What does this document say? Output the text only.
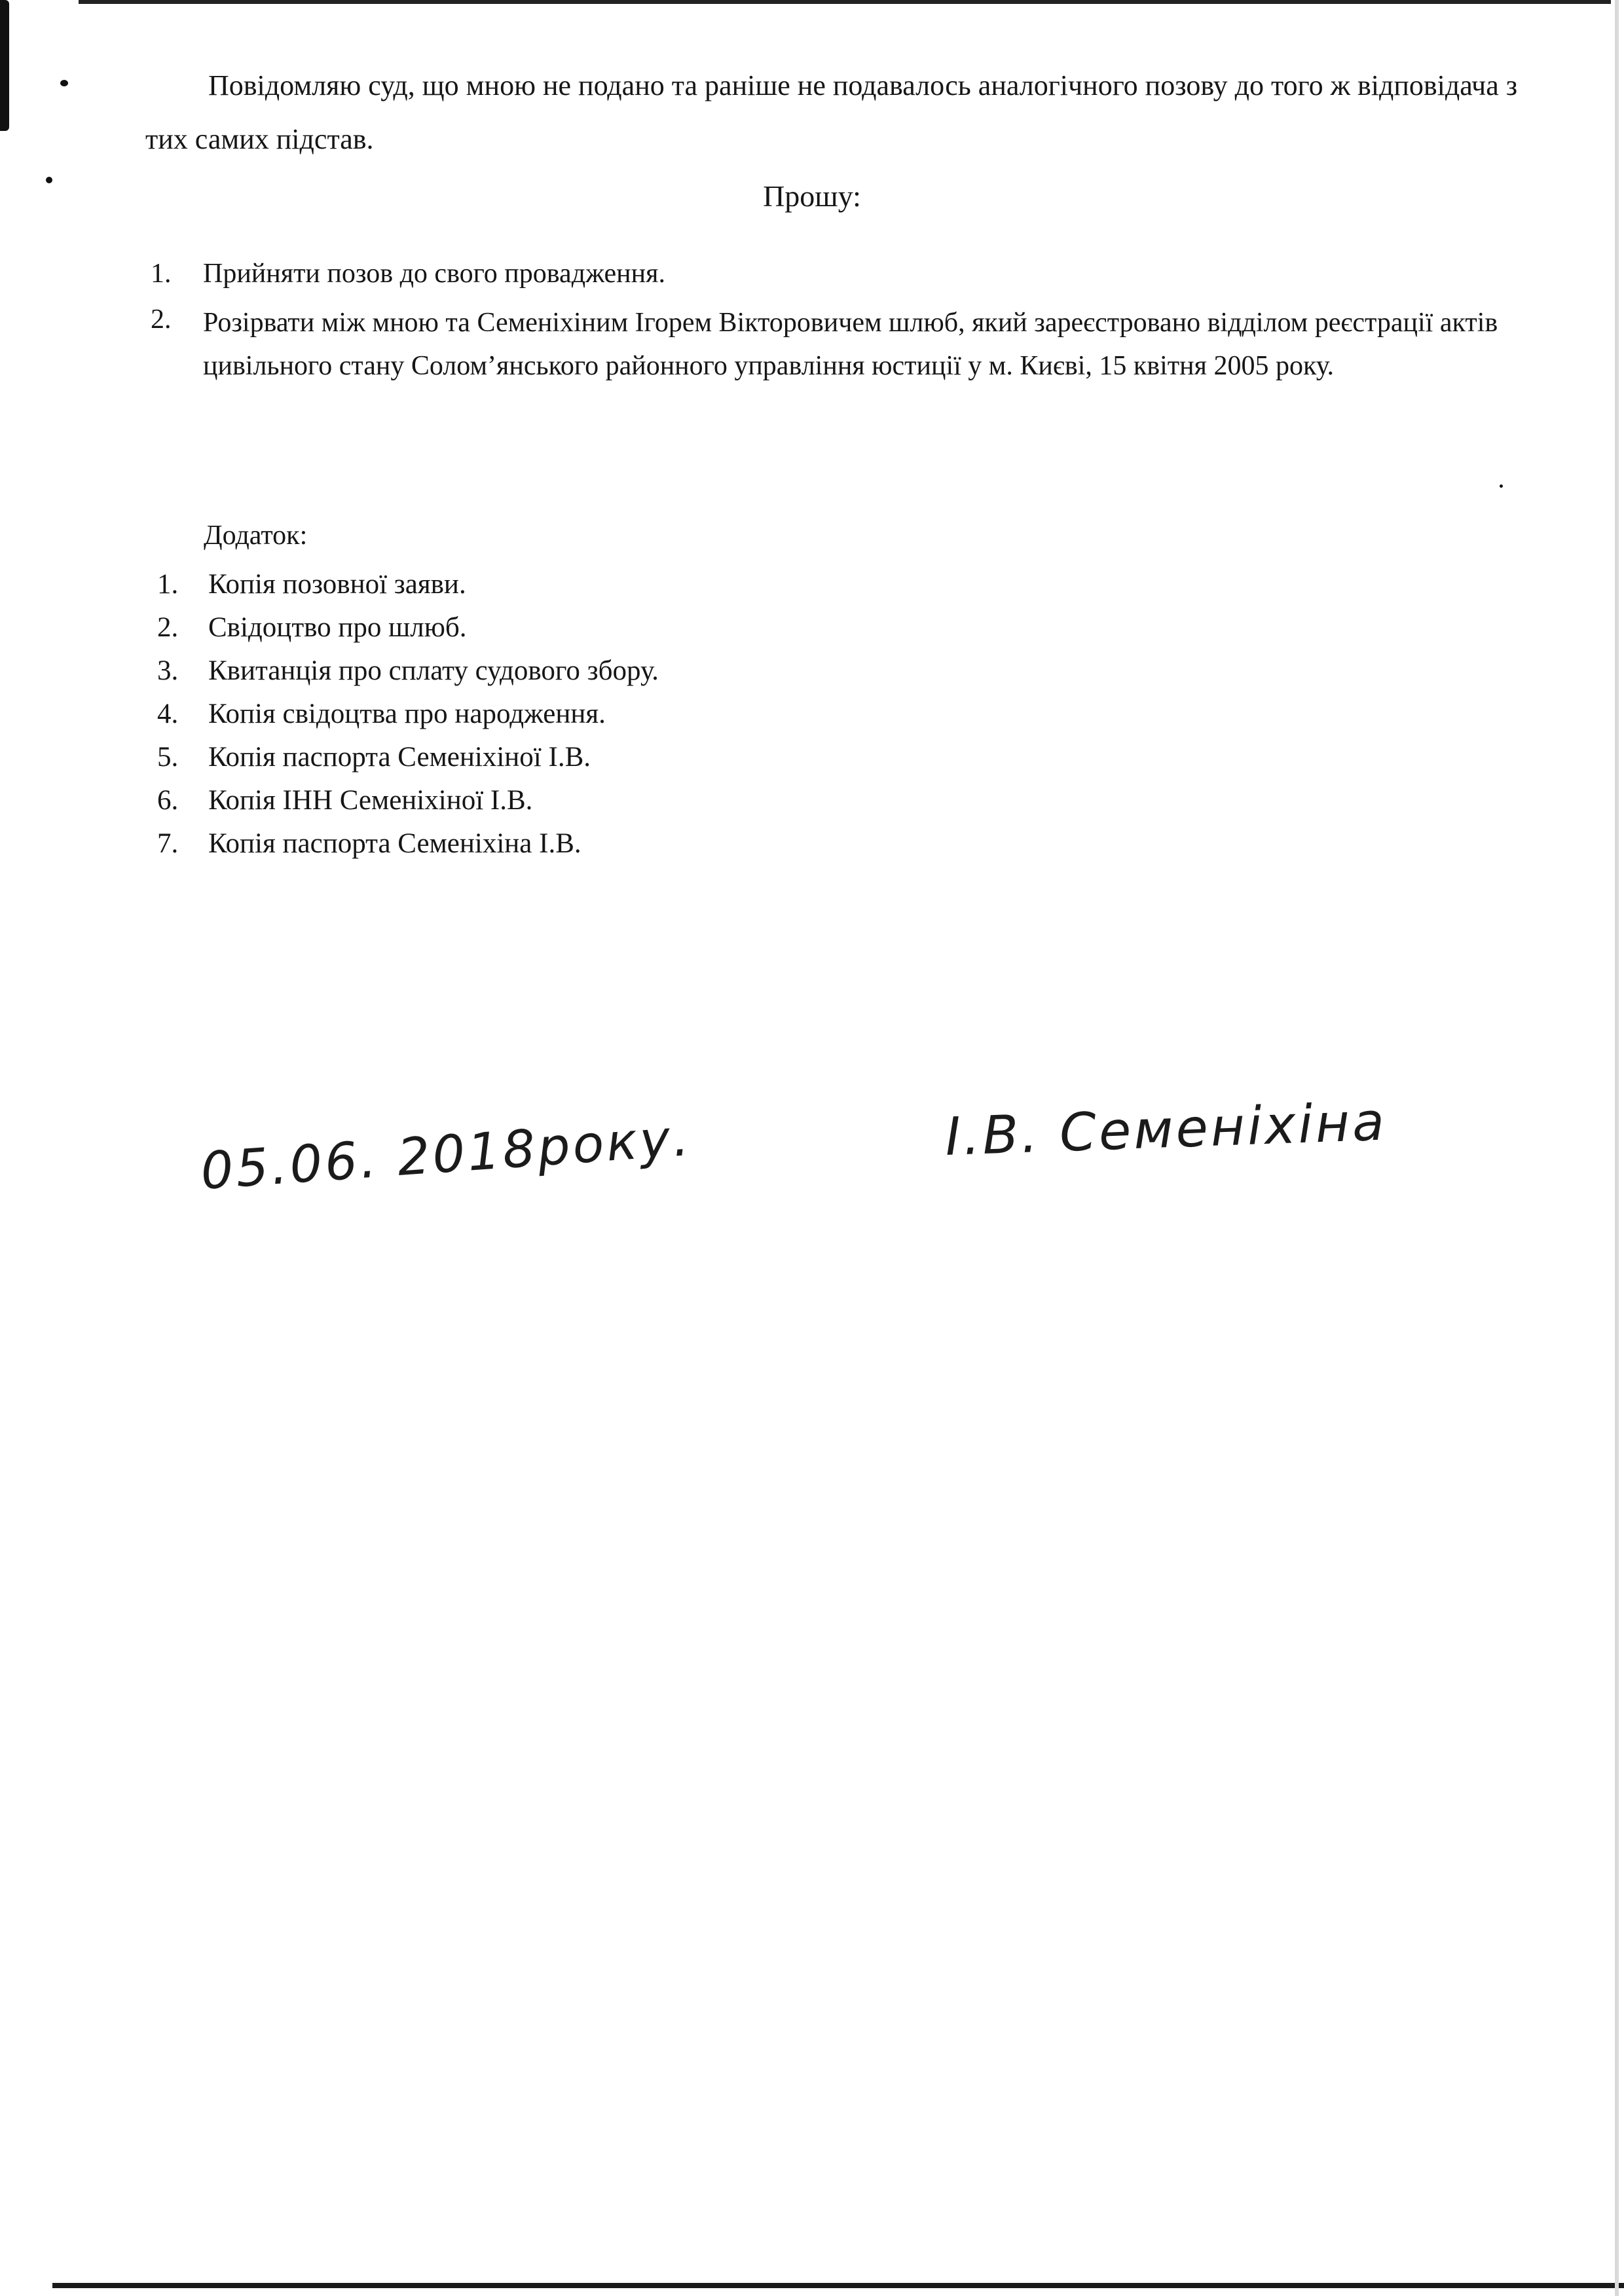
Повідомляю суд, що мною не подано та раніше не подавалось аналогічного позову до того ж відповідача з тих самих підстав.

Прошу:

1. Прийняти позов до свого провадження.
2. Розірвати між мною та Семеніхіним Ігорем Вікторовичем шлюб, який зареєстровано відділом реєстрації актів цивільного стану Солом’янського районного управління юстиції у м. Києві, 15 квітня 2005 року.

Додаток:

1. Копія позовної заяви.
2. Свідоцтво про шлюб.
3. Квитанція про сплату судового збору.
4. Копія свідоцтва про народження.
5. Копія паспорта Семеніхіної І.В.
6. Копія ІНН Семеніхіної І.В.
7. Копія паспорта Семеніхіна І.В.

05.06. 2018року.	І.В. Семеніхіна
